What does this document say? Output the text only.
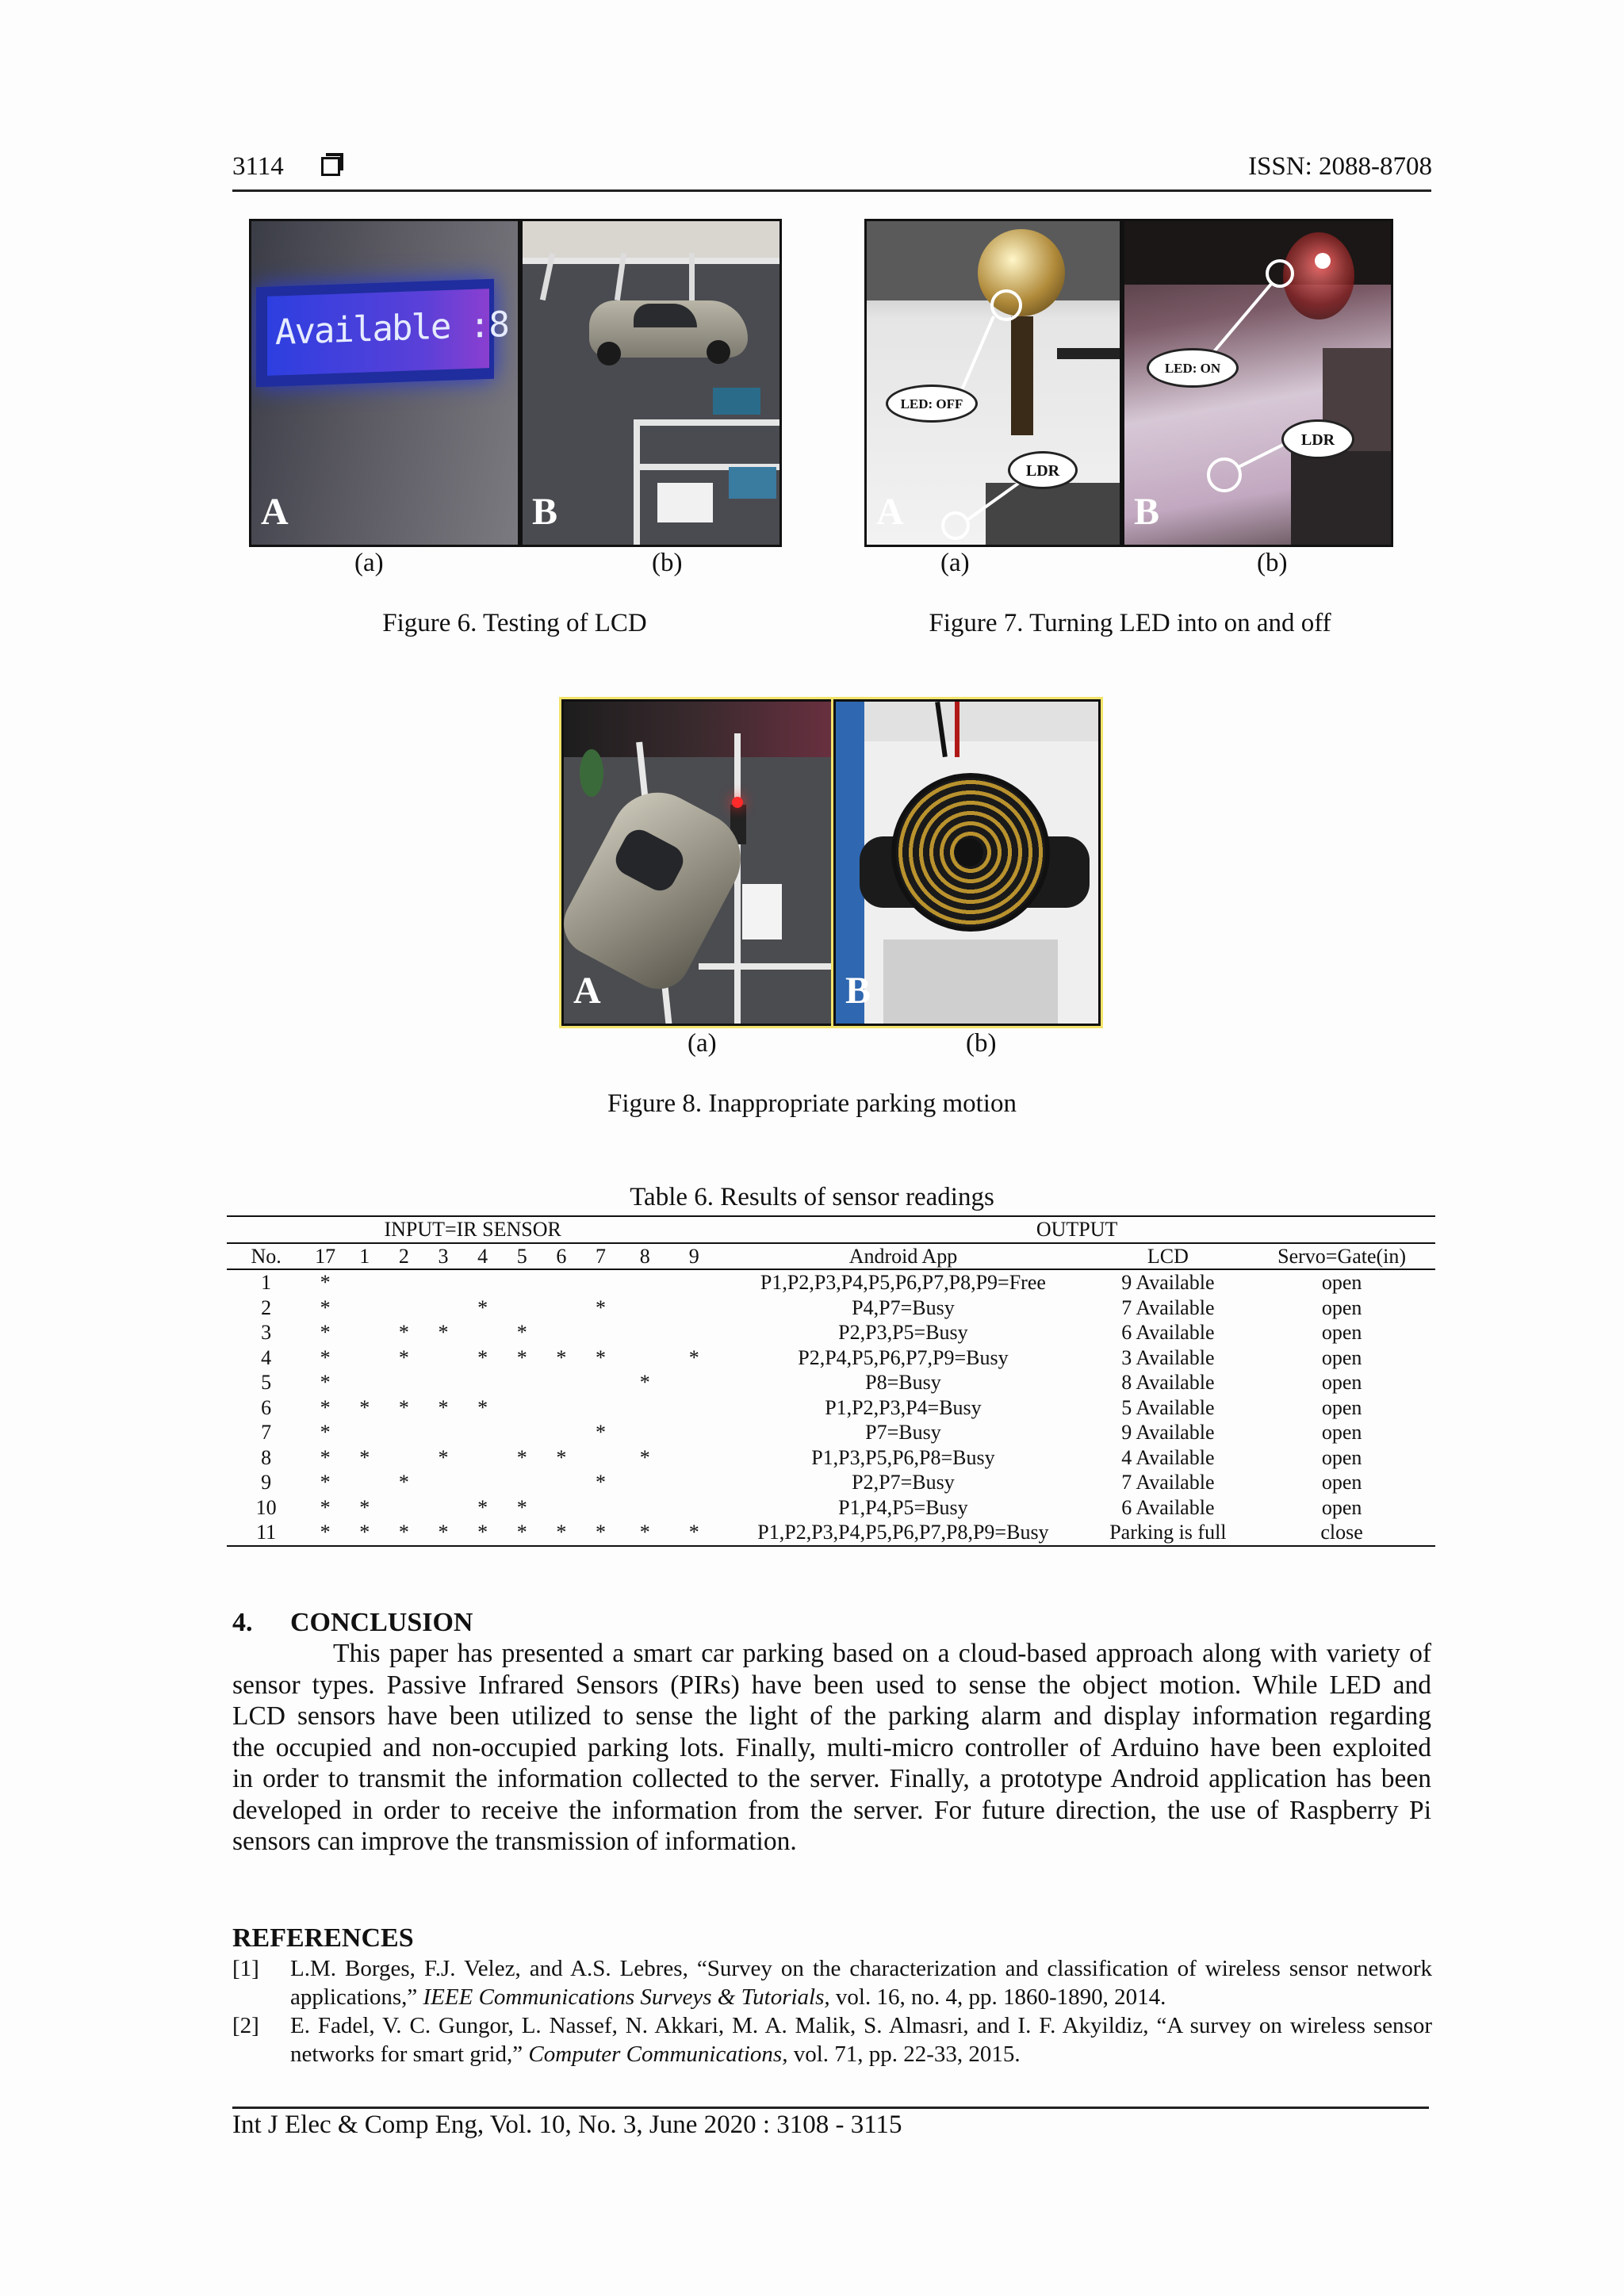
3114	ISSN: 2088-8708
Available :8
A	B
(a)	(b)
Figure 6. Testing of LCD
LED: OFF
LDR
A
LED: ON
LDR
B
(a)	(b)
Figure 7. Turning LED into on and off
A	B
(a)	(b)
Figure 8. Inappropriate parking motion
Table 6. Results of sensor readings
INPUT=IR SENSOR											OUTPUT		
No.	17	1	2	3	4	5	6	7	8	9	Android App	LCD	Servo=Gate(in)
1	*										P1,P2,P3,P4,P5,P6,P7,P8,P9=Free	9 Available	open
2	*				*			*			P4,P7=Busy	7 Available	open
3	*		*	*		*					P2,P3,P5=Busy	6 Available	open
4	*		*		*	*	*	*		*	P2,P4,P5,P6,P7,P9=Busy	3 Available	open
5	*								*		P8=Busy	8 Available	open
6	*	*	*	*	*						P1,P2,P3,P4=Busy	5 Available	open
7	*							*			P7=Busy	9 Available	open
8	*	*		*		*	*		*		P1,P3,P5,P6,P8=Busy	4 Available	open
9	*		*					*			P2,P7=Busy	7 Available	open
10	*	*			*	*					P1,P4,P5=Busy	6 Available	open
11	*	*	*	*	*	*	*	*	*	*	P1,P2,P3,P4,P5,P6,P7,P8,P9=Busy	Parking is full	close
4. CONCLUSION
This paper has presented a smart car parking based on a cloud-based approach along with variety of
sensor types. Passive Infrared Sensors (PIRs) have been used to sense the object motion. While LED and
LCD sensors have been utilized to sense the light of the parking alarm and display information regarding
the occupied and non-occupied parking lots. Finally, multi-micro controller of Arduino have been exploited
in order to transmit the information collected to the server. Finally, a prototype Android application has been
developed in order to receive the information from the server. For future direction, the use of Raspberry Pi
sensors can improve the transmission of information.
REFERENCES
[1] L.M. Borges, F.J. Velez, and A.S. Lebres, “Survey on the characterization and classification of wireless sensor network applications,” IEEE Communications Surveys & Tutorials, vol. 16, no. 4, pp. 1860-1890, 2014.
[2] E. Fadel, V. C. Gungor, L. Nassef, N. Akkari, M. A. Malik, S. Almasri, and I. F. Akyildiz, “A survey on wireless sensor networks for smart grid,” Computer Communications, vol. 71, pp. 22-33, 2015.
Int J Elec & Comp Eng, Vol. 10, No. 3, June 2020 : 3108 - 3115
